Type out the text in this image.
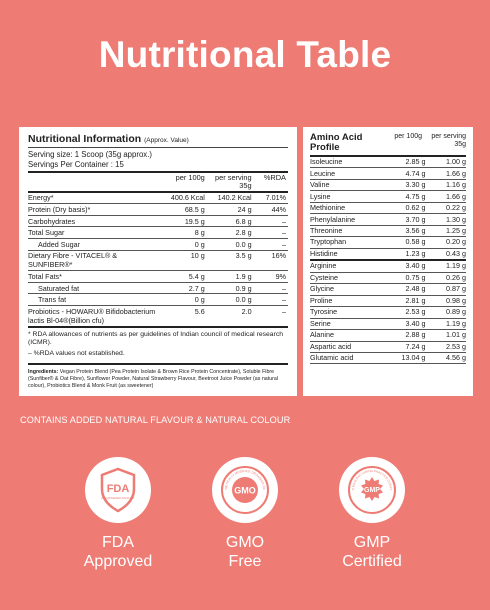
Nutritional Table
Nutritional Information (Approx. Value)
Serving size: 1 Scoop (35g approx.)
Servings Per Container : 15
	per 100g	per serving 35g	%RDA
Energy*	400.6 Kcal	140.2 Kcal	7.01%
Protein (Dry basis)*	68.5 g	24 g	44%
Carbohydrates	19.5 g	6.8 g	–
Total Sugar	8 g	2.8 g	–
Added Sugar	0 g	0.0 g	–
Dietary Fibre - VITACEL® & SUNFIBER®*	10 g	3.5 g	16%
Total Fats*	5.4 g	1.9 g	9%
Saturated fat	2.7 g	0.9 g	–
Trans fat	0 g	0.0 g	–
Probiotics - HOWARU® Bifidobacterium lactis Bl-04®(Billion cfu)	5.6	2.0	–
* RDA allowances of nutrients as per guidelines of Indian council of medical research (ICMR).
– %RDA values not established.
Ingredients: Vegan Protein Blend (Pea Protein Isolate & Brown Rice Protein Concentrate), Soluble Fibre (Sunfiber® & Oat Fibre), Sunflower Powder, Natural Strawberry Flavour, Beetroot Juice Powder (as natural colour), Probiotics Blend & Monk Fruit (as sweetener)
Amino Acid Profile
per 100g	per serving 35g
Isoleucine	2.85 g	1.00 g
Leucine	4.74 g	1.66 g
Valine	3.30 g	1.16 g
Lysine	4.75 g	1.66 g
Methionine	0.62 g	0.22 g
Phenylalanine	3.70 g	1.30 g
Threonine	3.56 g	1.25 g
Tryptophan	0.58 g	0.20 g
Histidine	1.23 g	0.43 g
Arginine	3.40 g	1.19 g
Cysteine	0.75 g	0.26 g
Glycine	2.48 g	0.87 g
Proline	2.81 g	0.98 g
Tyrosine	2.53 g	0.89 g
Serine	3.40 g	1.19 g
Alanine	2.88 g	1.01 g
Aspartic acid	7.24 g	2.53 g
Glutamic acid	13.04 g	4.56 g
CONTAINS ADDED NATURAL FLAVOUR & NATURAL COLOUR
FDA
REGISTERED FACILITY
FDA
Approved
GMO
NETICALLY MODIFIED ORGANISM FR
GMO
Free
GMP
D MANUFACTURING PRACTICE COMPL
GMP
Certified
